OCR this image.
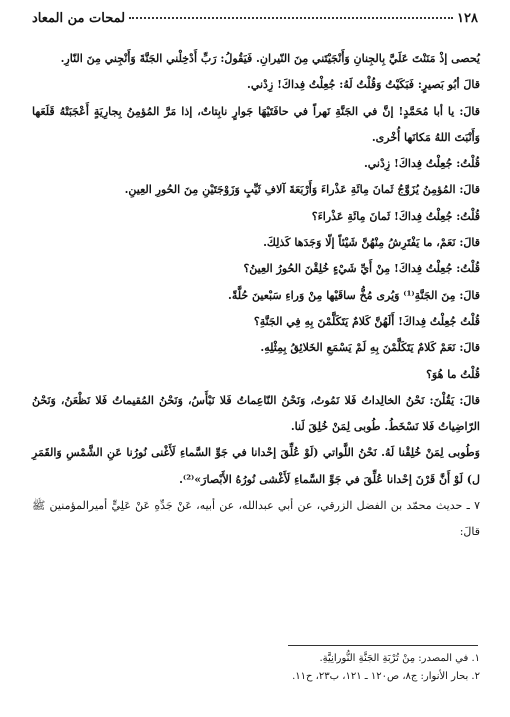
١٢٨
لمحات من المعاد

يُحصى إذْ مَنَنْتَ عَلَيَّ بِالجِنانِ وَأَنْجَيْتَني مِنَ النّيرانِ. فَيَقُولُ: رَبِّ أَدْخِلْني الجَنَّةَ وَأَنْجِني مِنَ النّارِ.

قالَ أبُو بَصيرٍ: فَبَكَيْتُ وَقُلْتُ لَهُ: جُعِلْتُ فِداكَ! زِدْني.

قالَ: يا أبا مُحَمَّدٍ! إنَّ في الجَنَّةِ نَهراً في حافَتَيْهَا جَوارٍ نابِتاتٌ، إذا مَرَّ المُؤمِنُ بِجارِيَةٍ أَعْجَبَتْهُ قَلَعَها وَأَنْبَتَ اللهُ مَكانَها أُخْرى.

قُلْتُ: جُعِلْتُ فِداكَ! زِدْني.

قالَ: المُؤمِنُ يُزَوَّجُ ثَمانَ مِائَةِ عَذْراءَ وَأَرْبَعَةَ آلافِ ثَيِّبٍ وَزَوْجَتَيْنِ مِنَ الحُورِ العِينِ.

قُلْتُ: جُعِلْتُ فِداكَ! ثَمانَ مِائَةِ عَذْراءَ؟

قالَ: نَعَمْ، ما يَفْتَرِشُ مِنْهُنَّ شَيْئاً إلّا وَجَدَها كَذلِكَ.

قُلْتُ: جُعِلْتُ فِداكَ! مِنْ أَيِّ شَيْءٍ خُلِقْنَ الحُورُ العِينُ؟

قالَ: مِنَ الجَنَّةِ⁽¹⁾ وَيُرى مُخُّ ساقَيْها مِنْ وَراءِ سَبْعينَ حُلَّةً.

قُلْتُ جُعِلْتُ فِداكَ! أَلَهُنَّ كَلامٌ يَتَكَلَّمْنَ بِهِ فِي الجَنَّةِ؟

قالَ: نَعَمْ كَلامٌ يَتَكَلَّمْنَ بِهِ لَمْ يَسْمَعِ الخَلائِقُ بِمِثْلِهِ.

قُلْتُ ما هُوَ؟

قالَ: يَقُلْنَ: نَحْنُ الخالِداتُ فَلا نَمُوتُ، وَنَحْنُ النّاعِماتُ فَلا نَبْأَسُ، وَنَحْنُ المُقيماتُ فَلا نَظْعَنُ، وَنَحْنُ الرّاضِياتُ فَلا نَسْخَطُ. طُوبى لِمَنْ خُلِقَ لَنا.

وَطُوبى لِمَنْ خُلِقْنا لَهُ. نَحْنُ اللَّواتي (لَوْ عُلِّقَ إحْدانا في جَوِّ السَّماءِ لَأَغْنى نُورُنا عَنِ الشَّمْسِ وَالقَمَرِ ل) لَوْ أَنَّ قَرْنَ إحْدانا عُلِّقَ في جَوِّ السَّماءِ لَأَغْشى نُورُهُ الأَبْصارَ»⁽²⁾.

٧ ـ حديث محمّد بن الفضل الزرقي، عن أبي عبدالله، عن أبيه، عَنْ جَدِّهِ عَنْ عَلِيٍّ أميرالمؤمنين ﷺ قالَ:

١. في المصدر: مِنْ تُرْبَةِ الجَنَّةِ النُّورانِيَّةِ.

٢. بحار الأنوار: ج٨، ص١٢٠ ـ ١٢١، ب٢٣، ح١١.
